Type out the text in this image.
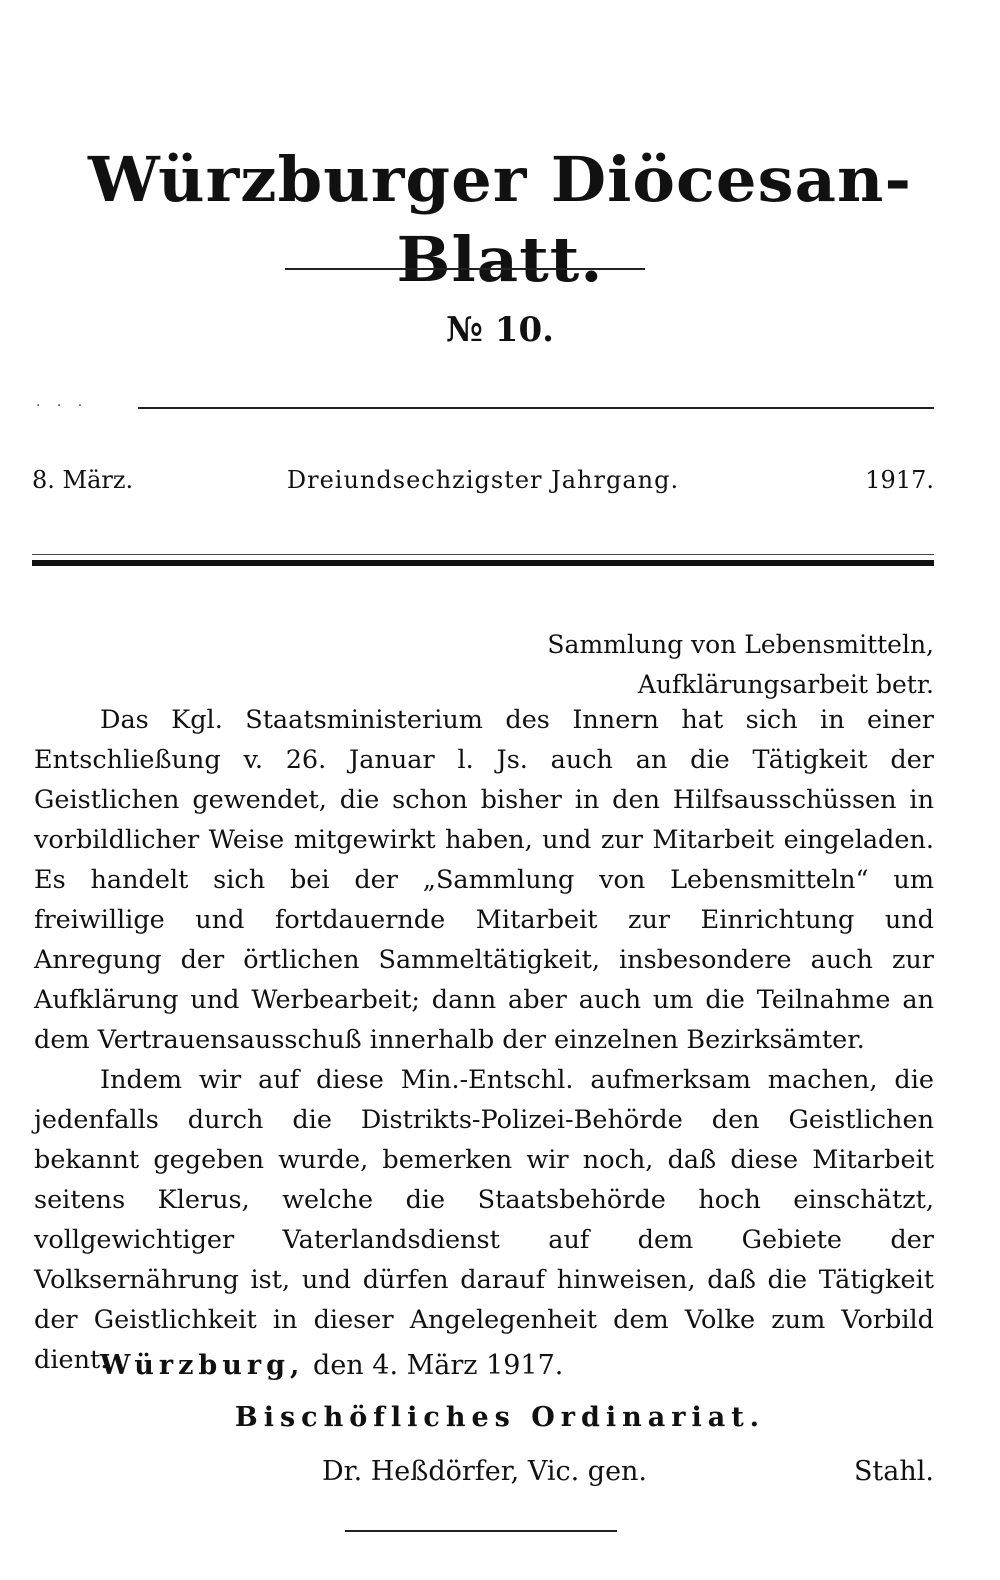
Würzburger Diöcesan-Blatt.
№ 10.
· · ·
8. März.	Dreiundsechzigster Jahrgang.	1917.
Sammlung von Lebensmitteln,
Aufklärungsarbeit betr.

Das Kgl. Staatsministerium des Innern hat sich in einer Entschließung v. 26. Januar l. Js. auch an die Tätigkeit der Geistlichen gewendet, die schon bisher in den Hilfsausschüssen in vorbildlicher Weise mitgewirkt haben, und zur Mitarbeit eingeladen. Es handelt sich bei der „Sammlung von Lebensmitteln“ um freiwillige und fortdauernde Mitarbeit zur Einrichtung und Anregung der örtlichen Sammeltätigkeit, insbesondere auch zur Aufklärung und Werbearbeit; dann aber auch um die Teilnahme an dem Vertrauensausschuß innerhalb der einzelnen Bezirksämter.

Indem wir auf diese Min.-Entschl. aufmerksam machen, die jedenfalls durch die Distrikts-Polizei-Behörde den Geistlichen bekannt gegeben wurde, bemerken wir noch, daß diese Mitarbeit seitens Klerus, welche die Staatsbehörde hoch einschätzt, vollgewichtiger Vaterlandsdienst auf dem Gebiete der Volksernährung ist, und dürfen darauf hinweisen, daß die Tätigkeit der Geistlichkeit in dieser Angelegenheit dem Volke zum Vorbild dient.

Würzburg, den 4. März 1917.
Bischöfliches Ordinariat.
Dr. Heßdörfer, Vic. gen.	Stahl.
